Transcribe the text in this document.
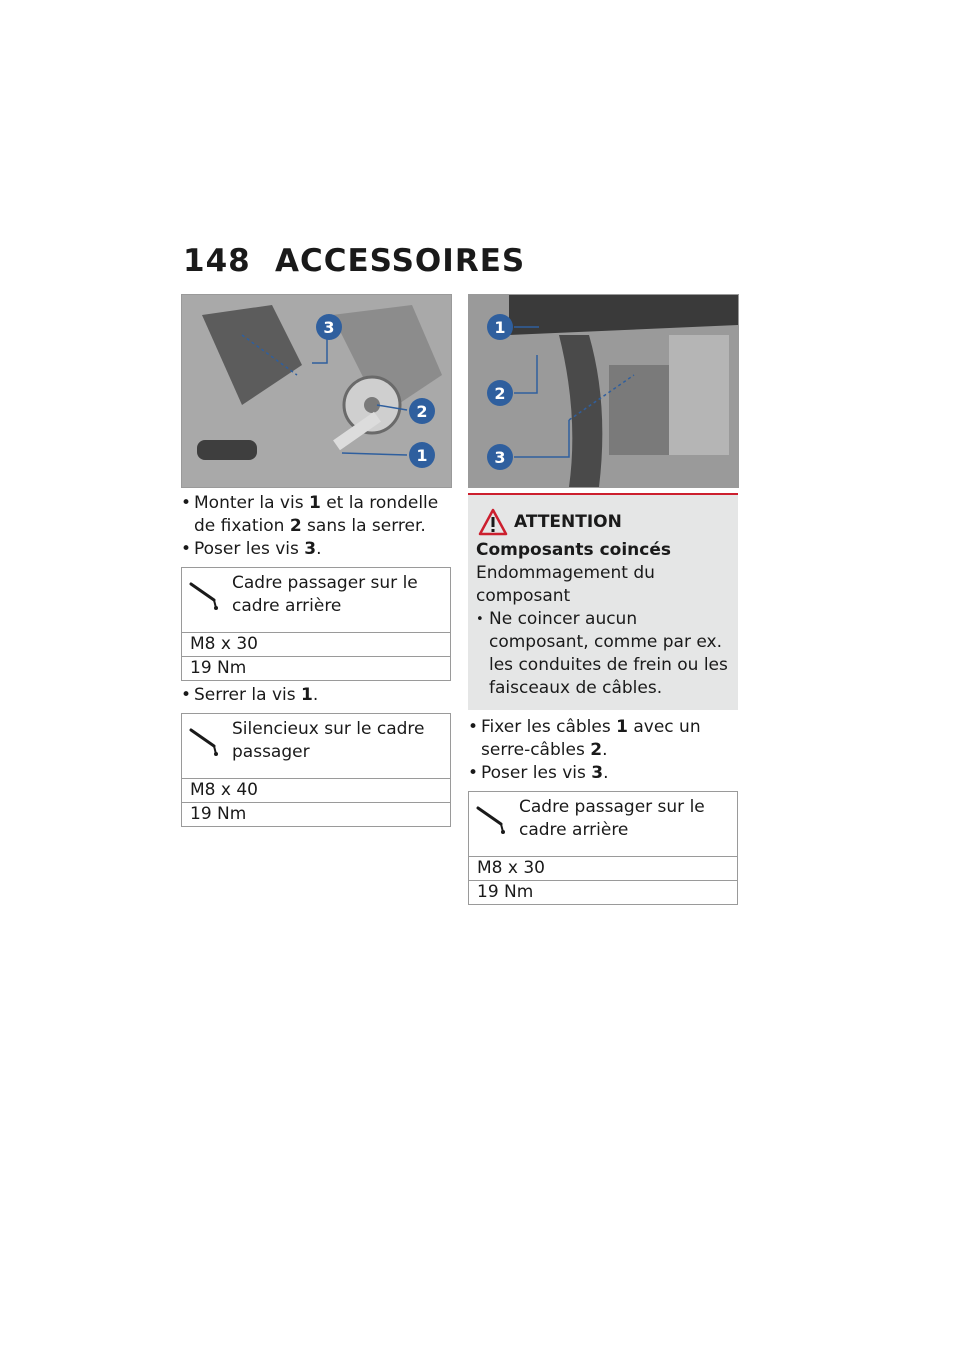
148 ACCESSOIRES
3
2
1
1
2
3

• Monter la vis 1 et la rondelle de fixation 2 sans la serrer.

• Poser les vis 3.

Cadre passager sur le cadre arrière
M8 x 30
19 Nm

• Serrer la vis 1.

Silencieux sur le cadre passager
M8 x 40
19 Nm
ATTENTION
Composants coincés
Endommagement du composant
• Ne coincer aucun composant, comme par ex. les conduites de frein ou les faisceaux de câbles.

• Fixer les câbles 1 avec un serre-câbles 2.

• Poser les vis 3.

Cadre passager sur le cadre arrière
M8 x 30
19 Nm
